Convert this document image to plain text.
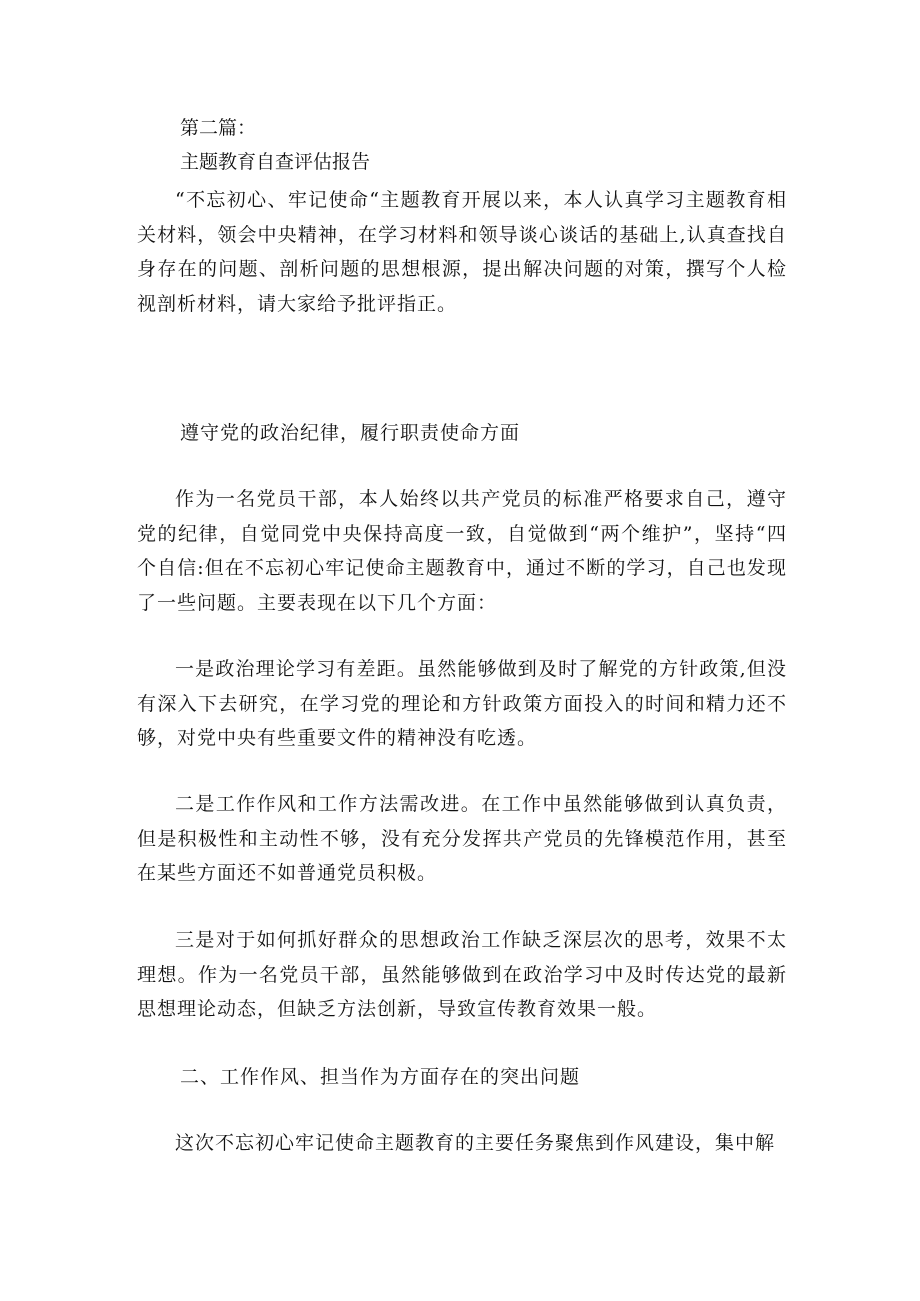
第二篇：
主题教育自查评估报告

“不忘初心、牢记使命“主题教育开展以来，本人认真学习主题教育相关材料，领会中央精神，在学习材料和领导谈心谈话的基础上,认真查找自身存在的问题、剖析问题的思想根源，提出解决问题的对策，撰写个人检视剖析材料，请大家给予批评指正。

遵守党的政治纪律，履行职责使命方面

作为一名党员干部，本人始终以共产党员的标准严格要求自己，遵守党的纪律，自觉同党中央保持高度一致，自觉做到“两个维护”，坚持“四个自信:但在不忘初心牢记使命主题教育中，通过不断的学习，自己也发现了一些问题。主要表现在以下几个方面：

一是政治理论学习有差距。虽然能够做到及时了解党的方针政策,但没有深入下去研究，在学习党的理论和方针政策方面投入的时间和精力还不够，对党中央有些重要文件的精神没有吃透。

二是工作作风和工作方法需改进。在工作中虽然能够做到认真负责，但是积极性和主动性不够，没有充分发挥共产党员的先锋模范作用，甚至在某些方面还不如普通党员积极。

三是对于如何抓好群众的思想政治工作缺乏深层次的思考，效果不太理想。作为一名党员干部，虽然能够做到在政治学习中及时传达党的最新思想理论动态，但缺乏方法创新，导致宣传教育效果一般。

二、工作作风、担当作为方面存在的突出问题

这次不忘初心牢记使命主题教育的主要任务聚焦到作风建设，集中解
